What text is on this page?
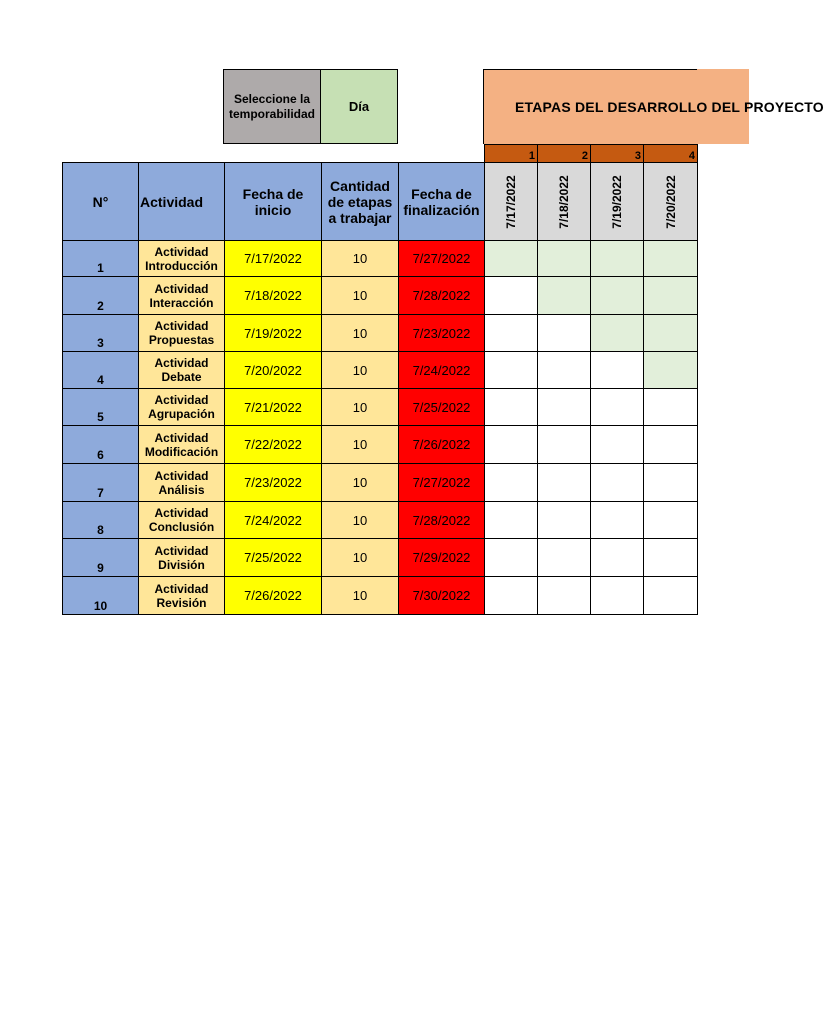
Seleccione la temporabilidad	Día	ETAPAS DEL DESARROLLO DEL PROYECTO
					1	2	3	4
N°	Actividad	Fecha de inicio	Cantidad de etapas a trabajar	Fecha de finalización	7/17/2022	7/18/2022	7/19/2022	7/20/2022

1	Actividad Introducción	7/17/2022	10	7/27/2022				
2	Actividad Interacción	7/18/2022	10	7/28/2022				
3	Actividad Propuestas	7/19/2022	10	7/23/2022				
4	Actividad Debate	7/20/2022	10	7/24/2022				
5	Actividad Agrupación	7/21/2022	10	7/25/2022				
6	Actividad Modificación	7/22/2022	10	7/26/2022				
7	Actividad Análisis	7/23/2022	10	7/27/2022				
8	Actividad Conclusión	7/24/2022	10	7/28/2022				
9	Actividad División	7/25/2022	10	7/29/2022				
10	Actividad Revisión	7/26/2022	10	7/30/2022				
